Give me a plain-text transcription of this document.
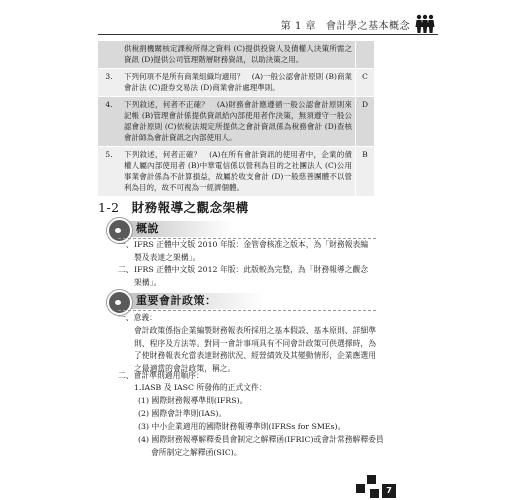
第 1 章 會計學之基本概念
	供稅捐機關核定課稅所得之資料 (C)提供投資人及債權人決策所需之資訊 (D)提供公司管理階層財務資訊，以助決策之用。	
3.	下列何項不是所有商業組織均適用？　(A)一般公認會計原則 (B)商業會計法 (C)證券交易法 (D)商業會計處理準則。	C
4.	下列敘述，何者不正確？　(A)財務會計應遵循一般公認會計原則來記帳 (B)管理會計係提供資訊給內部使用者作決策，無須遵守一般公認會計原則 (C)依稅法規定所提供之會計資訊係為稅務會計 (D)查核會計師為會計資訊之內部使用人。	D
5.	下列敘述，何者正確？　(A)在所有會計資訊的使用者中，企業的債權人屬內部使用者 (B)中華電信係以營利為目的之社團法人 (C)公用事業會計係為不計算損益，故屬於收支會計 (D)一般慈善團體不以營利為目的，故不可視為一經濟個體。	B
1-2 財務報導之觀念架構
概說
一、 IFRS 正體中文版 2010 年版：金管會核准之版本，為「財務報表編製及表達之架構」。
二、 IFRS 正體中文版 2012 年版：此版較為完整，為「財務報導之觀念架構」。
重要會計政策：
一、意義：
會計政策係指企業編製財務報表所採用之基本假設、基本原則、詳細準則、程序及方法等。對同一會計事項具有不同會計政策可供選擇時，為了使財務報表允當表達財務狀況、經營績效及其變動情形，企業應選用之最適當的會計政策，稱之。
二、會計準則適用順序：
1.IASB 及 IASC 所發佈的正式文件：
(1) 國際財務報導準則(IFRS)。
(2) 國際會計準則(IAS)。
(3) 中小企業適用的國際財務報導準則(IFRSs for SMEs)。
(4) 國際財務報導解釋委員會制定之解釋函(IFRIC)或會計常務解釋委員會所制定之解釋函(SIC)。
7
